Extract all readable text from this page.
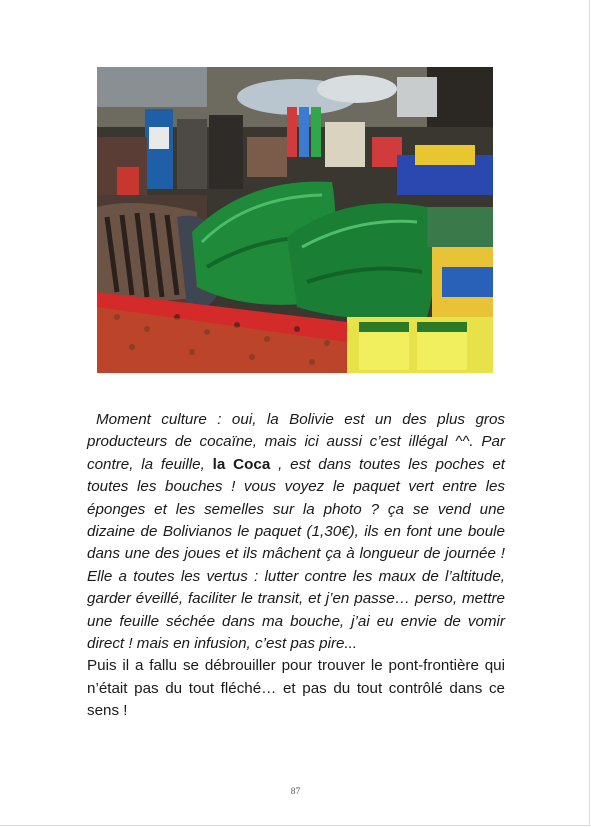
Moment culture : oui, la Bolivie est un des plus gros producteurs de cocaïne, mais ici aussi c’est illégal ^^. Par contre, la feuille, la Coca , est dans toutes les poches et toutes les bouches ! vous voyez le paquet vert entre les éponges et les semelles sur la photo ? ça se vend une dizaine de Bolivianos le paquet (1,30€), ils en font une boule dans une des joues et ils mâchent ça à longueur de journée ! Elle a toutes les vertus : lutter contre les maux de l’altitude, garder éveillé, faciliter le transit, et j’en passe… perso, mettre une feuille séchée dans ma bouche, j’ai eu envie de vomir direct ! mais en infusion, c’est pas pire...

Puis il a fallu se débrouiller pour trouver le pont-frontière qui n’était pas du tout fléché… et pas du tout contrôlé dans ce sens !

87
